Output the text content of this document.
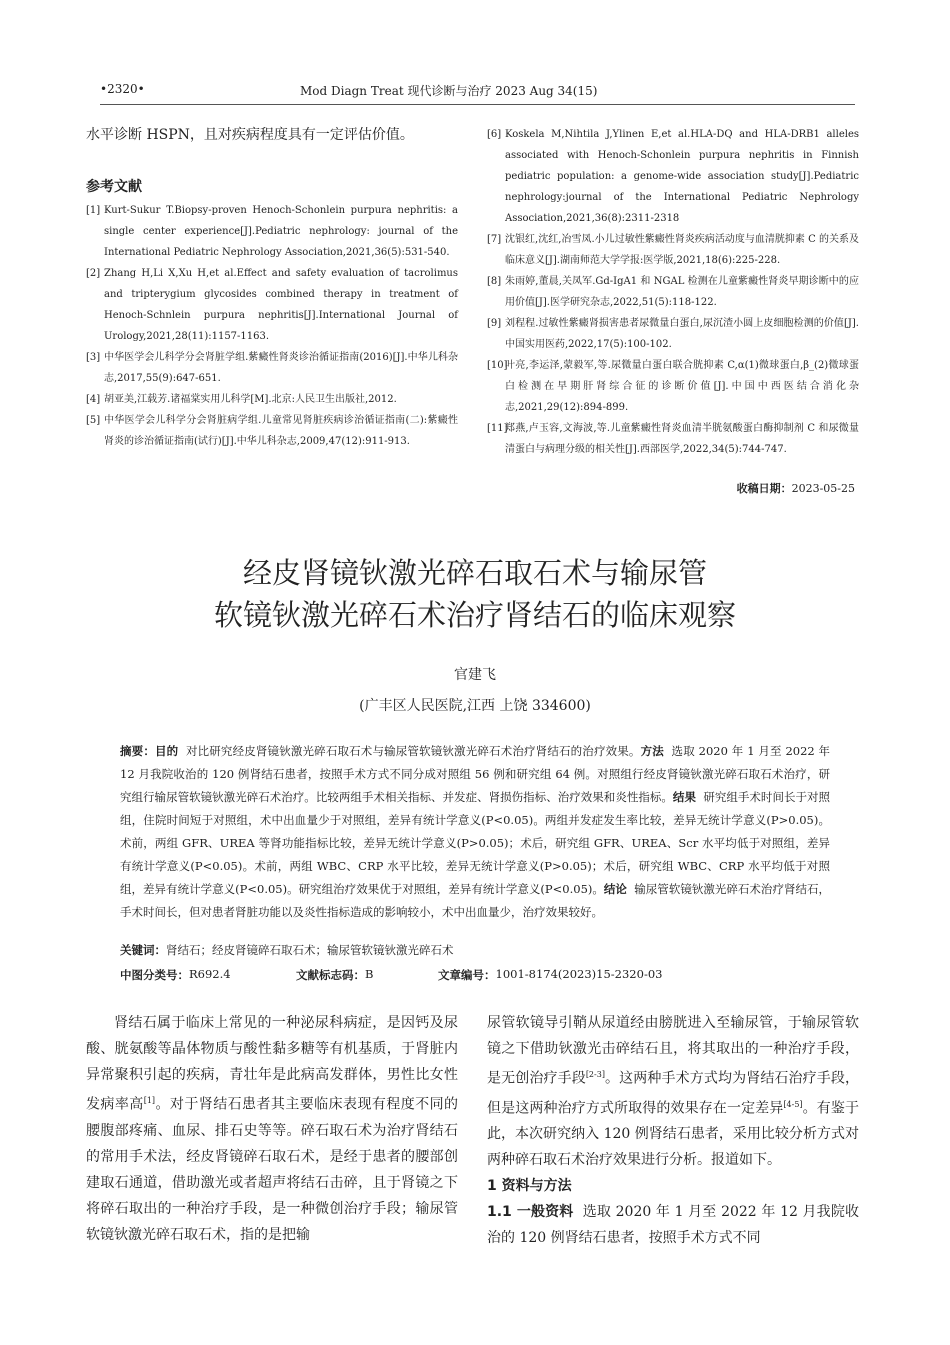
•2320•	Mod Diagn Treat 现代诊断与治疗 2023 Aug 34(15)
水平诊断 HSPN，且对疾病程度具有一定评估价值。
参考文献
[1] Kurt-Sukur T.Biopsy-proven Henoch-Schonlein purpura nephritis: a single center experience[J].Pediatric nephrology: journal of the International Pediatric Nephrology Association,2021,36(5):531-540.
[2] Zhang H,Li X,Xu H,et al.Effect and safety evaluation of tacrolimus and tripterygium glycosides combined therapy in treatment of Henoch-Schnlein purpura nephritis[J].International Journal of Urology,2021,28(11):1157-1163.
[3] 中华医学会儿科学分会肾脏学组.紫癜性肾炎诊治循证指南(2016)[J].中华儿科杂志,2017,55(9):647-651.
[4] 胡亚美,江载芳.诸福棠实用儿科学[M].北京:人民卫生出版社,2012.
[5] 中华医学会儿科学分会肾脏病学组.儿童常见肾脏疾病诊治循证指南(二):紫癜性肾炎的诊治循证指南(试行)[J].中华儿科杂志,2009,47(12):911-913.
[6] Koskela M,Nihtila J,Ylinen E,et al.HLA-DQ and HLA-DRB1 alleles associated with Henoch-Schonlein purpura nephritis in Finnish pediatric population: a genome-wide association study[J].Pediatric nephrology:journal of the International Pediatric Nephrology Association,2021,36(8):2311-2318
[7] 沈银红,沈红,冶雪凤.小儿过敏性紫癜性肾炎疾病活动度与血清胱抑素 C 的关系及临床意义[J].湖南师范大学学报:医学版,2021,18(6):225-228.
[8] 朱雨婷,董晨,关凤军.Gd-IgA1 和 NGAL 检测在儿童紫癜性肾炎早期诊断中的应用价值[J].医学研究杂志,2022,51(5):118-122.
[9] 刘程程.过敏性紫癜肾损害患者尿微量白蛋白,尿沉渣小圆上皮细胞检测的价值[J].中国实用医药,2022,17(5):100-102.
[10]
叶亮,李运泽,蒙毅军,等.尿微量白蛋白联合胱抑素 C,α(1)微球蛋白,β_(2)微球蛋白检测在早期肝肾综合征的诊断价值[J].中国中西医结合消化杂志,2021,29(12):894-899.
[11]
郑燕,卢玉容,文海波,等.儿童紫癜性肾炎血清半胱氨酸蛋白酶抑制剂 C 和尿微量清蛋白与病理分级的相关性[J].西部医学,2022,34(5):744-747.
收稿日期：2023-05-25
经皮肾镜钬激光碎石取石术与输尿管
软镜钬激光碎石术治疗肾结石的临床观察
官建飞
(广丰区人民医院,江西 上饶 334600)
摘要：目的 对比研究经皮肾镜钬激光碎石取石术与输尿管软镜钬激光碎石术治疗肾结石的治疗效果。方法 选取 2020 年 1 月至 2022 年 12 月我院收治的 120 例肾结石患者，按照手术方式不同分成对照组 56 例和研究组 64 例。对照组行经皮肾镜钬激光碎石取石术治疗，研究组行输尿管软镜钬激光碎石术治疗。比较两组手术相关指标、并发症、肾损伤指标、治疗效果和炎性指标。结果 研究组手术时间长于对照组，住院时间短于对照组，术中出血量少于对照组，差异有统计学意义(P<0.05)。两组并发症发生率比较，差异无统计学意义(P>0.05)。术前，两组 GFR、UREA 等肾功能指标比较，差异无统计学意义(P>0.05)；术后，研究组 GFR、UREA、Scr 水平均低于对照组，差异有统计学意义(P<0.05)。术前，两组 WBC、CRP 水平比较，差异无统计学意义(P>0.05)；术后，研究组 WBC、CRP 水平均低于对照组，差异有统计学意义(P<0.05)。研究组治疗效果优于对照组，差异有统计学意义(P<0.05)。结论 输尿管软镜钬激光碎石术治疗肾结石，手术时间长，但对患者肾脏功能以及炎性指标造成的影响较小，术中出血量少，治疗效果较好。
关键词：肾结石；经皮肾镜碎石取石术；输尿管软镜钬激光碎石术
中图分类号： R692.4	文献标志码： B	文章编号： 1001-8174(2023)15-2320-03

肾结石属于临床上常见的一种泌尿科病症，是因钙及尿酸、胱氨酸等晶体物质与酸性黏多糖等有机基质，于肾脏内异常聚积引起的疾病，青壮年是此病高发群体，男性比女性发病率高[1]。对于肾结石患者其主要临床表现有程度不同的腰腹部疼痛、血尿、排石史等等。碎石取石术为治疗肾结石的常用手术法，经皮肾镜碎石取石术，是经于患者的腰部创建取石通道，借助激光或者超声将结石击碎，且于肾镜之下将碎石取出的一种治疗手段，是一种微创治疗手段；输尿管软镜钬激光碎石取石术，指的是把输

尿管软镜导引鞘从尿道经由膀胱进入至输尿管，于输尿管软镜之下借助钬激光击碎结石且，将其取出的一种治疗手段，是无创治疗手段[2-3]。这两种手术方式均为肾结石治疗手段，但是这两种治疗方式所取得的效果存在一定差异[4-5]。有鉴于此，本次研究纳入 120 例肾结石患者，采用比较分析方式对两种碎石取石术治疗效果进行分析。报道如下。

1 资料与方法

1.1 一般资料 选取 2020 年 1 月至 2022 年 12 月我院收治的 120 例肾结石患者，按照手术方式不同
